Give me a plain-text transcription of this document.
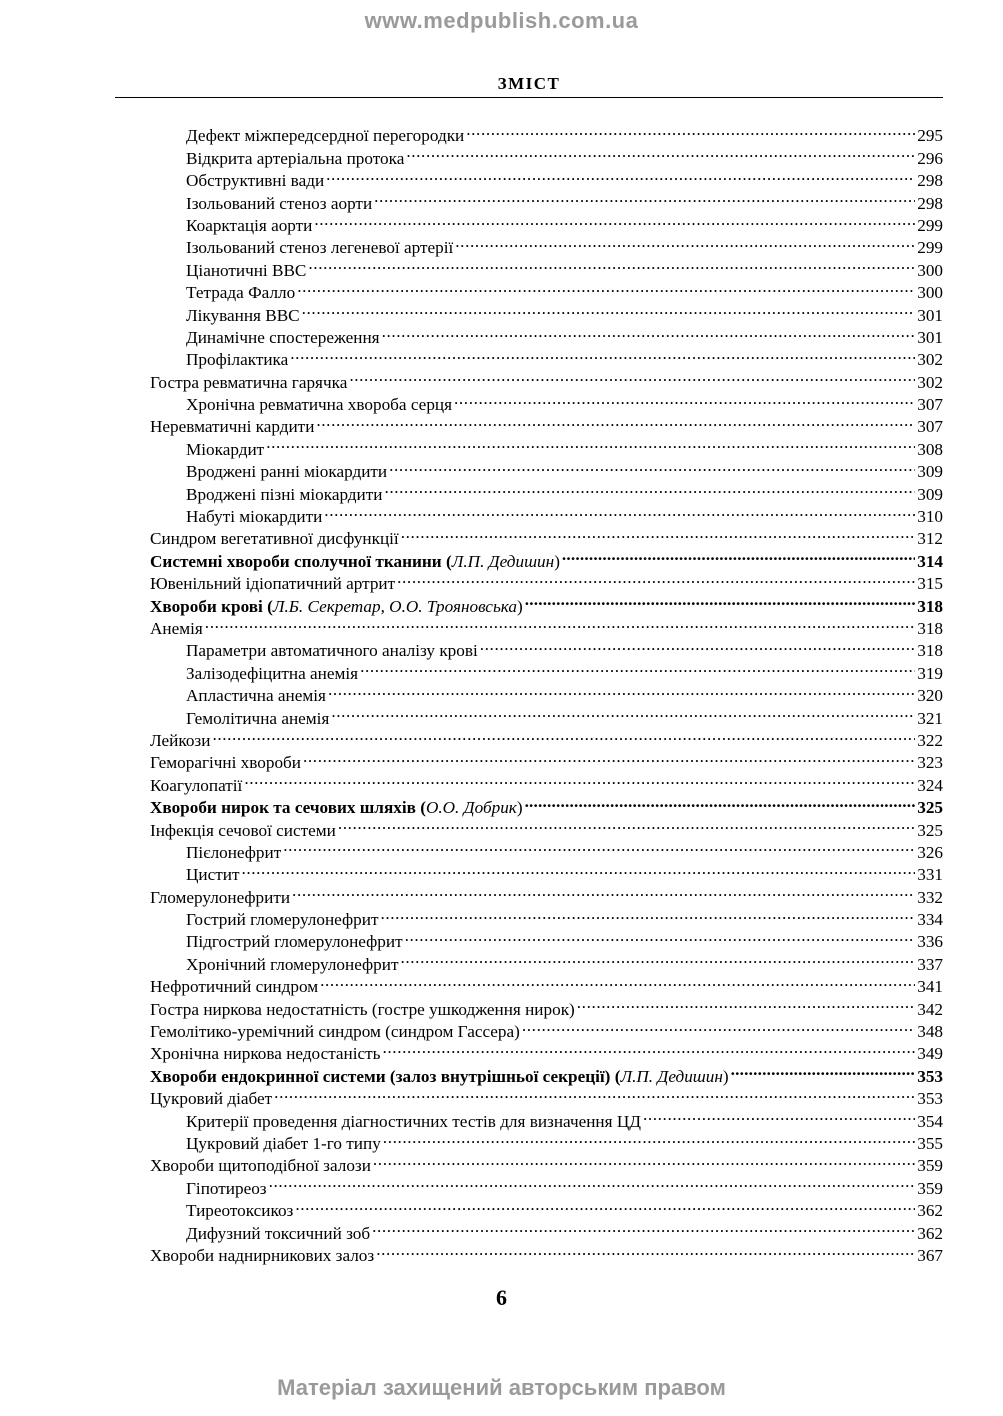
www.medpublish.com.ua
ЗМІСТ
Дефект міжпередсердної перегородки .....	295
Відкрита артеріальна протока .....	296
Обструктивні вади .....	298
Ізольований стеноз аорти .....	298
Коарктація аорти .....	299
Ізольований стеноз легеневої артерії .....	299
Ціанотичні ВВС .....	300
Тетрада Фалло .....	300
Лікування ВВС .....	301
Динамічне спостереження .....	301
Профілактика .....	302
Гостра ревматична гарячка .....	302
Хронічна ревматична хвороба серця .....	307
Неревматичні кардити .....	307
Міокардит .....	308
Вроджені ранні міокардити .....	309
Вроджені пізні міокардити .....	309
Набуті міокардити .....	310
Синдром вегетативної дисфункції .....	312
Системні хвороби сполучної тканини (Л.П. Дедишин) .....	314
Ювенільний ідіопатичний артрит .....	315
Хвороби крові (Л.Б. Секретар, О.О. Трояновська) .....	318
Анемія .....	318
Параметри автоматичного аналізу крові .....	318
Залізодефіцитна анемія .....	319
Апластична анемія .....	320
Гемолітична анемія .....	321
Лейкози .....	322
Геморагічні хвороби .....	323
Коагулопатії .....	324
Хвороби нирок та сечових шляхів (О.О. Добрик) .....	325
Інфекція сечової системи .....	325
Пієлонефрит .....	326
Цистит .....	331
Гломерулонефрити .....	332
Гострий гломерулонефрит .....	334
Підгострий гломерулонефрит .....	336
Хронічний гломерулонефрит .....	337
Нефротичний синдром .....	341
Гостра ниркова недостатність (гостре ушкодження нирок) .....	342
Гемолітико-уремічний синдром (синдром Гассера) .....	348
Хронічна ниркова недостаність .....	349
Хвороби ендокринної системи (залоз внутрішньої секреції) (Л.П. Дедишин) .....	353
Цукровий діабет .....	353
Критерії проведення діагностичних тестів для визначення ЦД .....	354
Цукровий діабет 1-го типу .....	355
Хвороби щитоподібної залози .....	359
Гіпотиреоз .....	359
Тиреотоксикоз .....	362
Дифузний токсичний зоб .....	362
Хвороби наднирникових залоз .....	367
6
Матеріал захищений авторським правом
